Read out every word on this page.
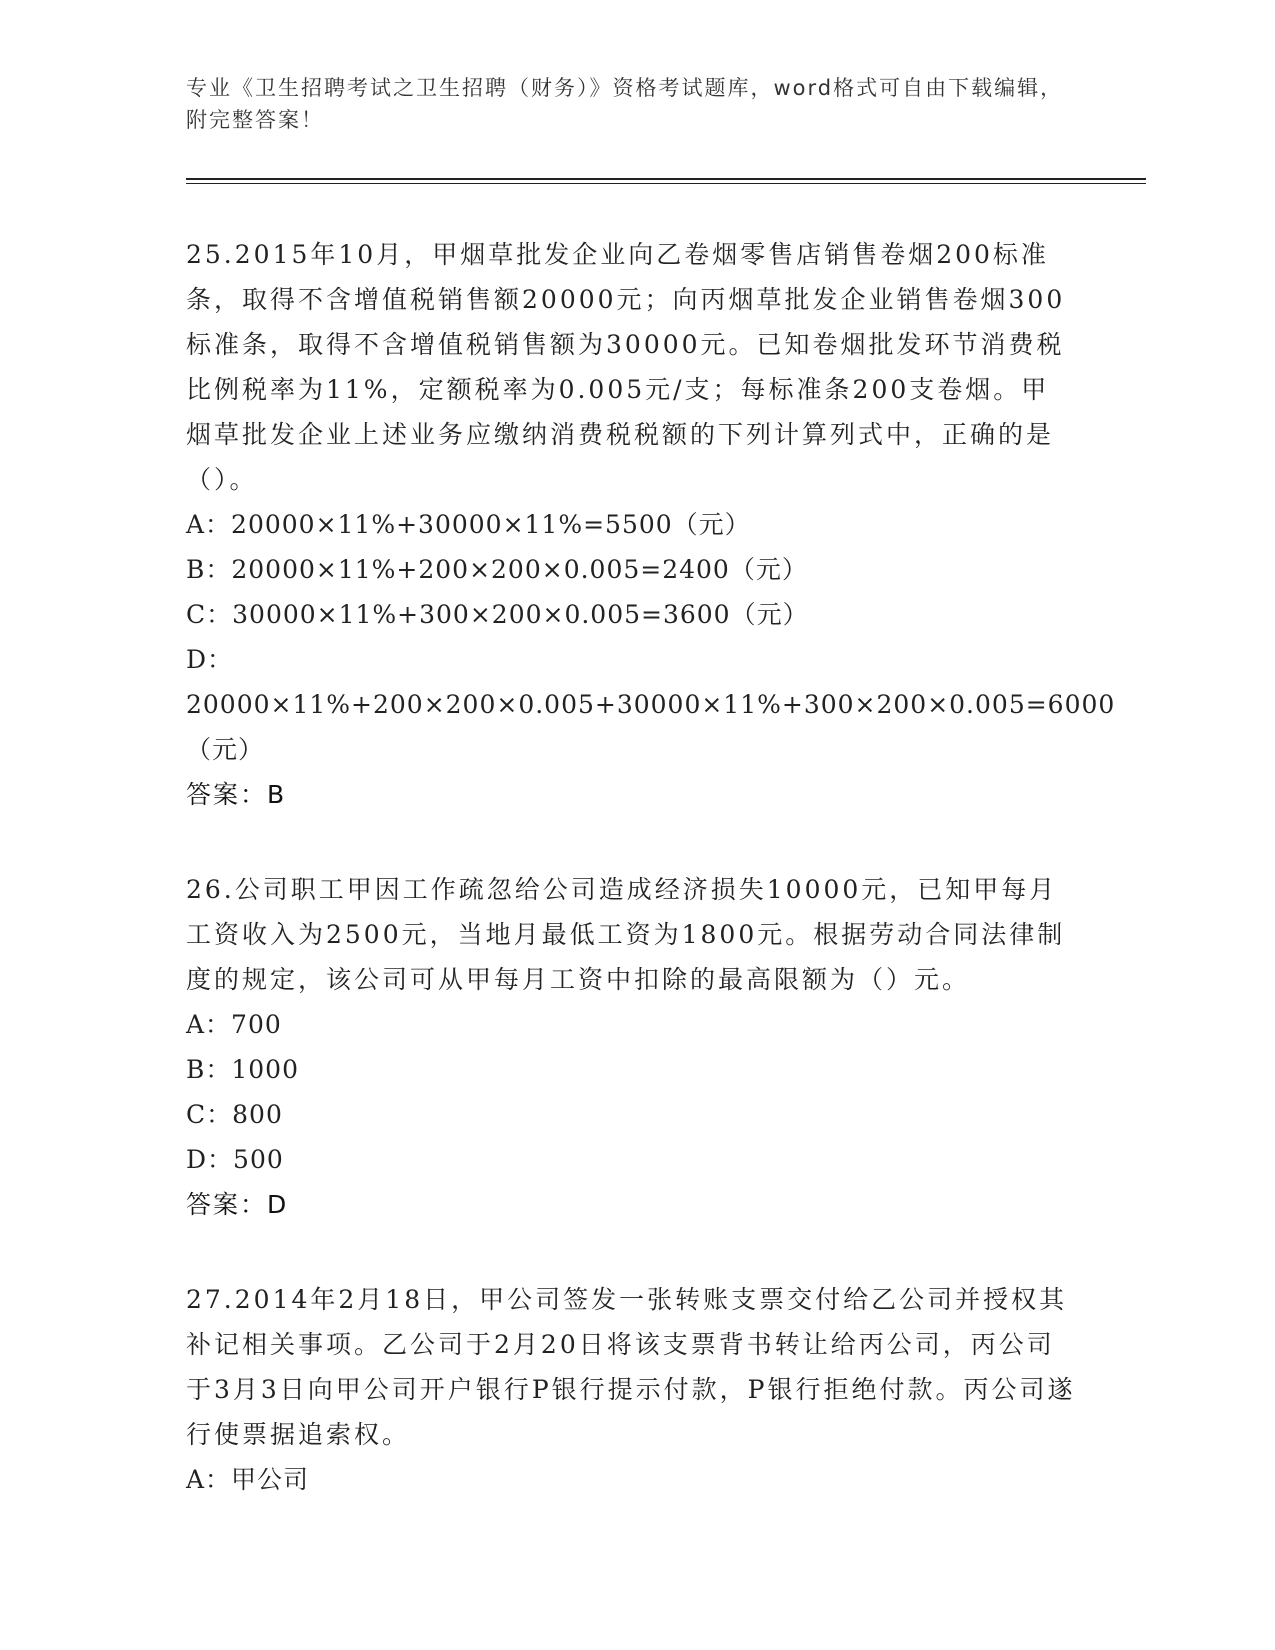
专业《卫生招聘考试之卫生招聘（财务）》资格考试题库，word格式可自由下载编辑，附完整答案！

25.2015年10月，甲烟草批发企业向乙卷烟零售店销售卷烟200标准条，取得不含增值税销售额20000元；向丙烟草批发企业销售卷烟300标准条，取得不含增值税销售额为30000元。已知卷烟批发环节消费税比例税率为11%，定额税率为0.005元/支；每标准条200支卷烟。甲烟草批发企业上述业务应缴纳消费税税额的下列计算列式中，正确的是（）。

A：20000×11%+30000×11%=5500（元）

B：20000×11%+200×200×0.005=2400（元）

C：30000×11%+300×200×0.005=3600（元）

D：20000×11%+200×200×0.005+30000×11%+300×200×0.005=6000（元）

答案：B

26.公司职工甲因工作疏忽给公司造成经济损失10000元，已知甲每月工资收入为2500元，当地月最低工资为1800元。根据劳动合同法律制度的规定，该公司可从甲每月工资中扣除的最高限额为（）元。

A：700

B：1000

C：800

D：500

答案：D

27.2014年2月18日，甲公司签发一张转账支票交付给乙公司并授权其补记相关事项。乙公司于2月20日将该支票背书转让给丙公司，丙公司于3月3日向甲公司开户银行P银行提示付款，P银行拒绝付款。丙公司遂行使票据追索权。

A：甲公司
